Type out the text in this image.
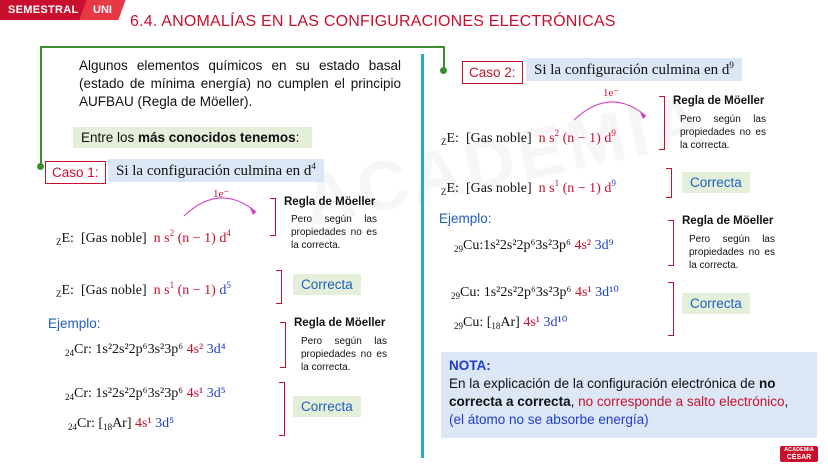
SEMESTRAL	UNI
6.4. ANOMALÍAS EN LAS CONFIGURACIONES ELECTRÓNICAS
Algunos elementos químicos en su estado basal (estado de mínima energía) no cumplen el principio AUFBAU (Regla de Möeller).
Entre los más conocidos tenemos:
Caso 1:	Si la configuración culmina en $d^4$
1e⁻
$_Z$E: [Gas noble] n $s^2$ (n − 1) $d^4$
Regla de Möeller
Pero según las propiedades no es la correcta.
$_Z$E: [Gas noble] n $s^1$ (n − 1) $d^5$	Correcta
Ejemplo:
$_{24}$Cr: 1s²2s²2p⁶3s²3p⁶ 4s² 3d⁴
Regla de Möeller
Pero según las propiedades no es la correcta.
$_{24}$Cr: 1s²2s²2p⁶3s²3p⁶ 4s¹ 3d⁵
$_{24}$Cr: $[_{18}Ar]$ 4s¹ 3d⁵
Correcta
Caso 2:	Si la configuración culmina en $d^9$
1e⁻
$_Z$E: [Gas noble] n $s^2$ (n − 1) $d^9$
Regla de Möeller
Pero según las propiedades no es la correcta.
$_Z$E: [Gas noble] n $s^1$ (n − 1) $d^9$	Correcta
Ejemplo:
$_{29}$Cu:1s²2s²2p⁶3s²3p⁶ 4s² 3d⁹
Regla de Möeller
Pero según las propiedades no es la correcta.
$_{29}$Cu: 1s²2s²2p⁶3s²3p⁶ 4s¹ 3d¹⁰
$_{29}$Cu: $[_{18}Ar]$ 4s¹ 3d¹⁰
Correcta
NOTA:
En la explicación de la configuración electrónica de no correcta a correcta, no corresponde a salto electrónico,
(el átomo no se absorbe energía)
ACADEMIA
CÉSAR
